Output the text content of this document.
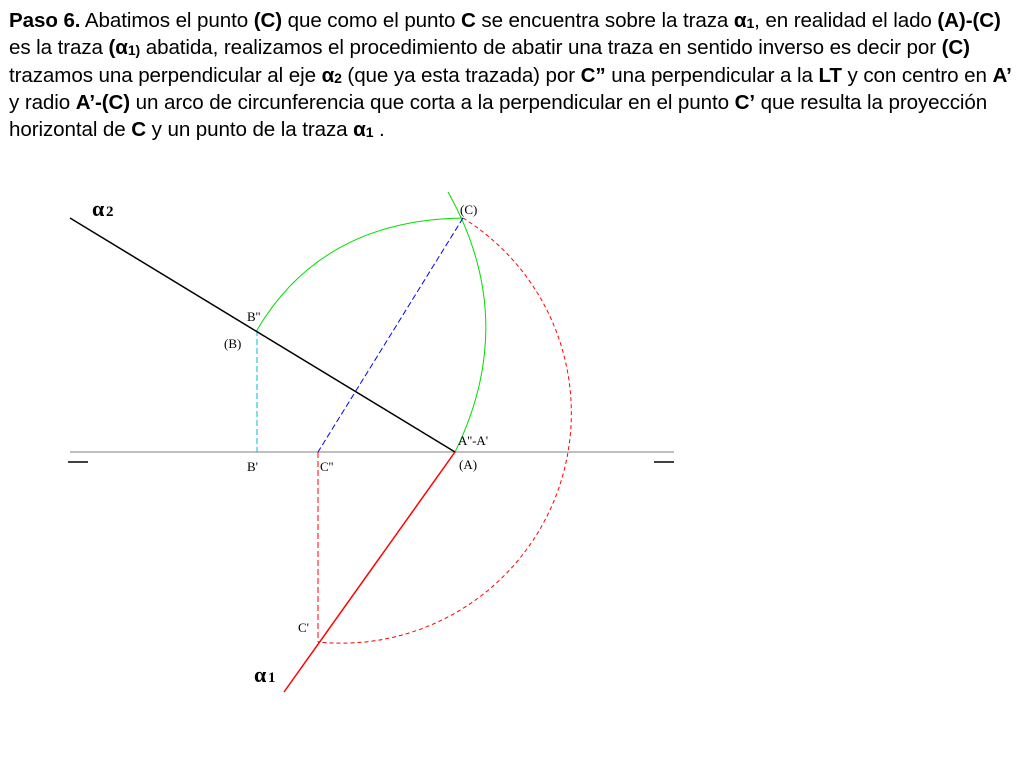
Paso 6. Abatimos el punto (C) que como el punto C se encuentra sobre la traza $\alpha_1$, en realidad el lado (A)-(C) es la traza ($\alpha_{1)}$ abatida, realizamos el procedimiento de abatir una traza en sentido inverso es decir por (C) trazamos una perpendicular al eje $\alpha_2$ (que ya esta trazada) por C” una perpendicular a la LT y con centro en A’ y radio A’-(C) un arco de circunferencia que corta a la perpendicular en el punto C’ que resulta la proyección horizontal de C y un punto de la traza $\alpha_1$ .
α 2	(C)
B''
(B)
A''-A'
(A)
B'	C''
C'
α 1
